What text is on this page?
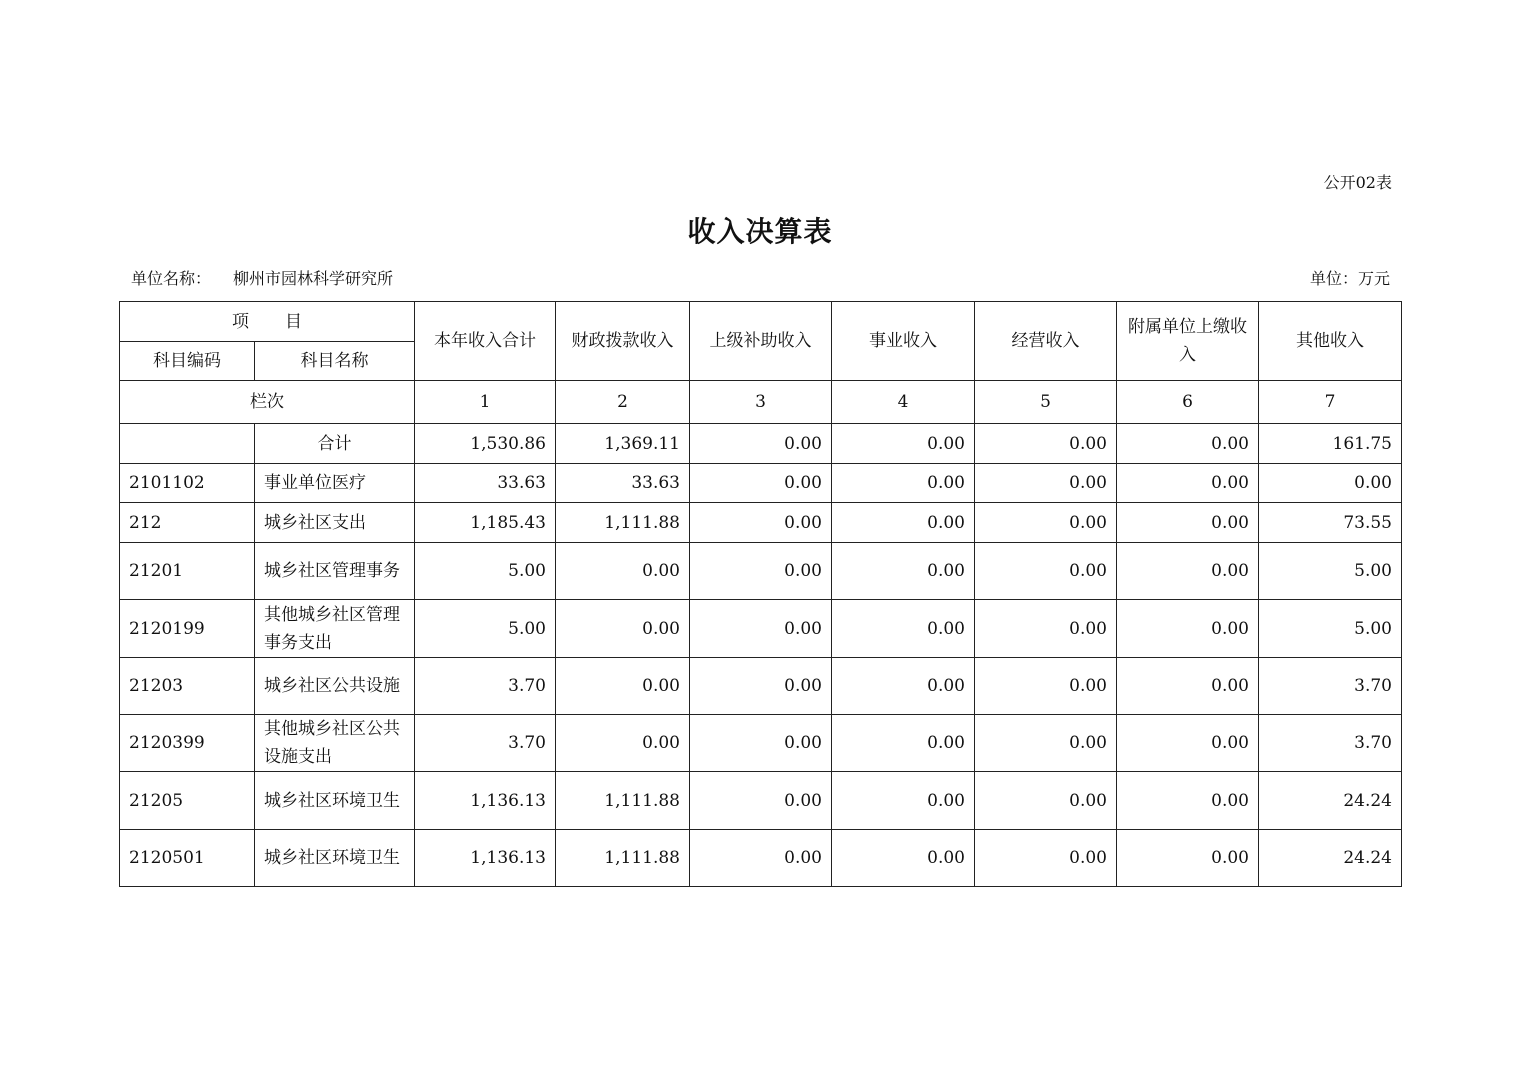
公开02表
收入决算表
单位名称： 柳州市园林科学研究所	单位：万元
项 目		本年收入合计	财政拨款收入	上级补助收入	事业收入	经营收入	附属单位上缴收入	其他收入
科目编码	科目名称							
栏次		1	2	3	4	5	6	7
	合计	1,530.86	1,369.11	0.00	0.00	0.00	0.00	161.75
2101102	事业单位医疗	33.63	33.63	0.00	0.00	0.00	0.00	0.00
212	城乡社区支出	1,185.43	1,111.88	0.00	0.00	0.00	0.00	73.55
21201	城乡社区管理事务	5.00	0.00	0.00	0.00	0.00	0.00	5.00
2120199	其他城乡社区管理事务支出	5.00	0.00	0.00	0.00	0.00	0.00	5.00
21203	城乡社区公共设施	3.70	0.00	0.00	0.00	0.00	0.00	3.70
2120399	其他城乡社区公共设施支出	3.70	0.00	0.00	0.00	0.00	0.00	3.70
21205	城乡社区环境卫生	1,136.13	1,111.88	0.00	0.00	0.00	0.00	24.24
2120501	城乡社区环境卫生	1,136.13	1,111.88	0.00	0.00	0.00	0.00	24.24
